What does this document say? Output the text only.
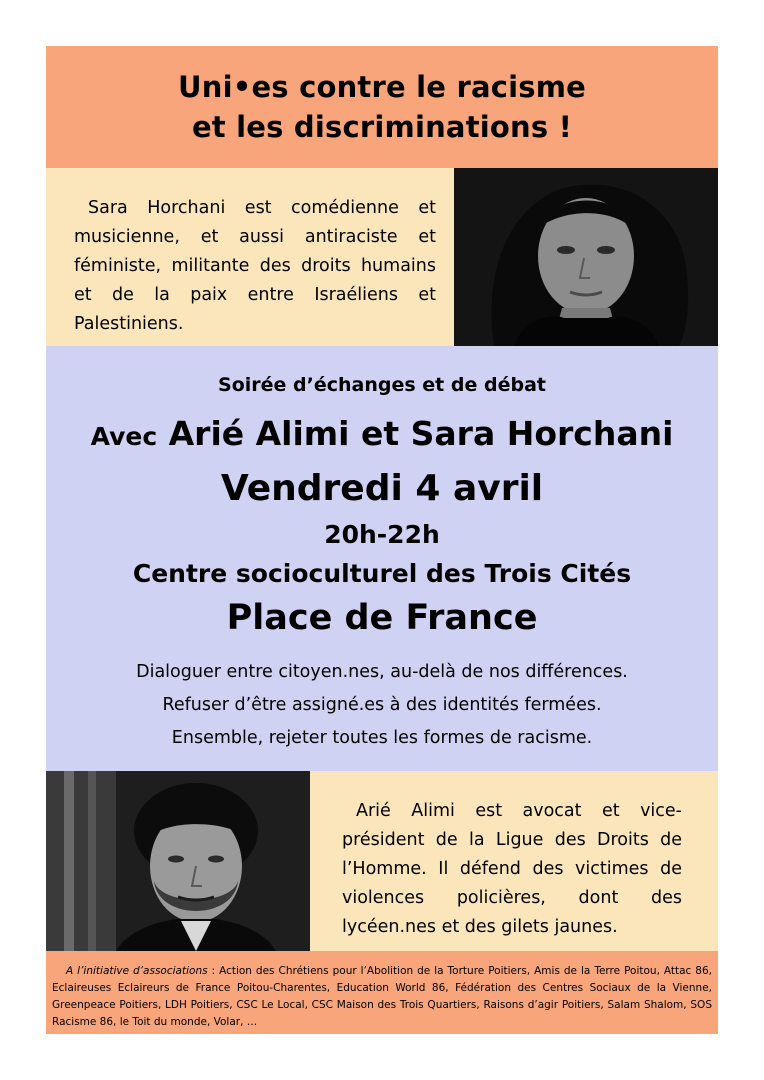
Uni•es contre le racisme
et les discriminations !
Sara Horchani est comédienne et musicienne, et aussi antiraciste et féministe, militante des droits humains et de la paix entre Israéliens et Palestiniens.
Soirée d’échanges et de débat
Avec Arié Alimi et Sara Horchani
Vendredi 4 avril
20h-22h
Centre socioculturel des Trois Cités
Place de France
Dialoguer entre citoyen.nes, au-delà de nos différences.
Refuser d’être assigné.es à des identités fermées.
Ensemble, rejeter toutes les formes de racisme.
Arié Alimi est avocat et vice-président de la Ligue des Droits de l’Homme. Il défend des victimes de violences policières, dont des lycéen.nes et des gilets jaunes.
A l’initiative d’associations : Action des Chrétiens pour l’Abolition de la Torture Poitiers, Amis de la Terre Poitou, Attac 86, Eclaireuses Eclaireurs de France Poitou-Charentes, Education World 86, Fédération des Centres Sociaux de la Vienne, Greenpeace Poitiers, LDH Poitiers, CSC Le Local, CSC Maison des Trois Quartiers, Raisons d’agir Poitiers, Salam Shalom, SOS Racisme 86, le Toit du monde, Volar, …
